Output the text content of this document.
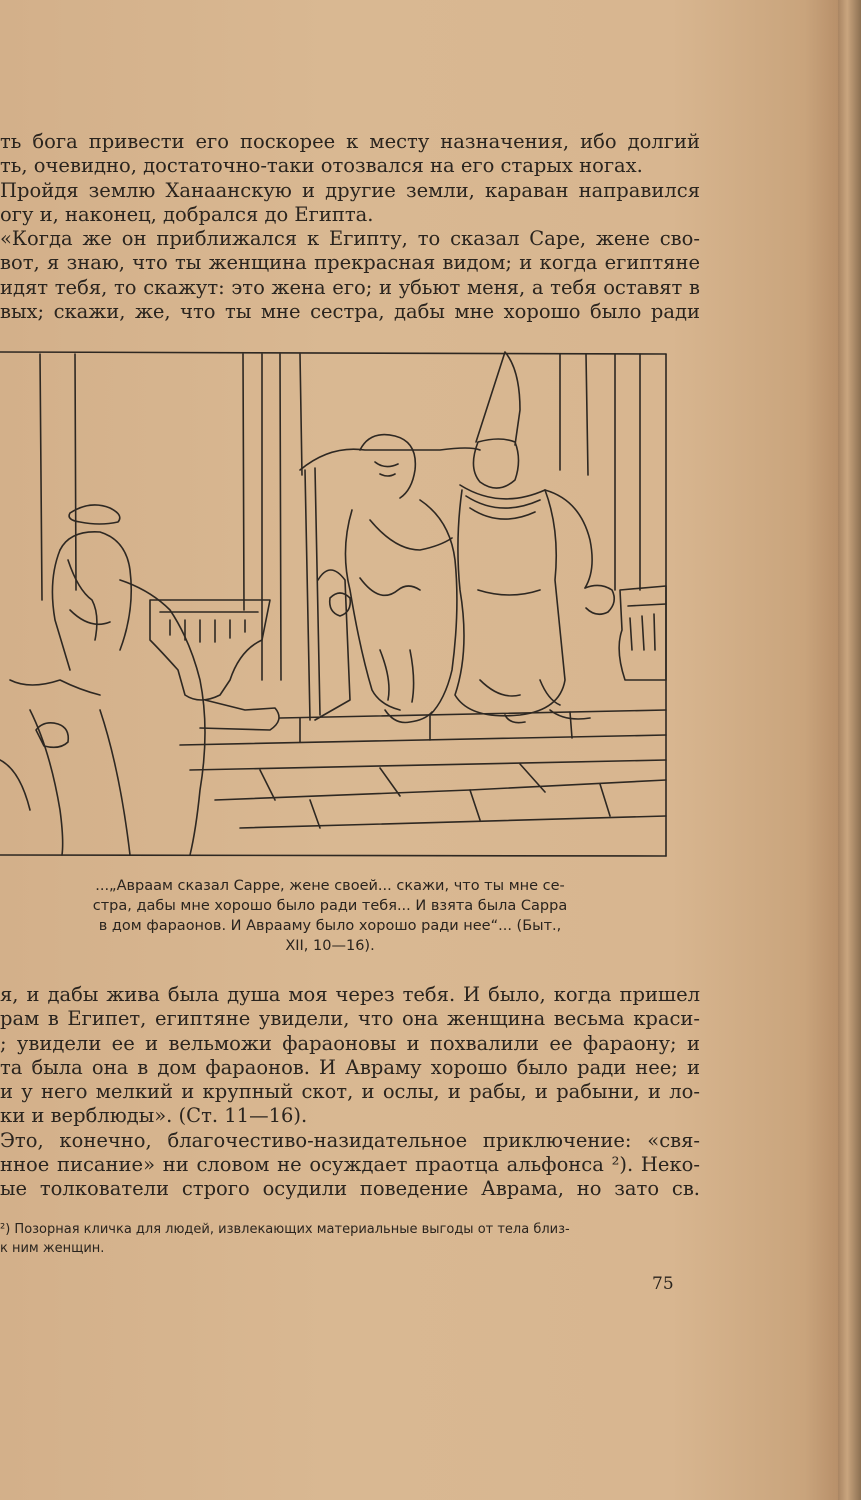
ть бога привести его поскорее к месту назначения, ибо долгий
ть, очевидно, достаточно-таки отозвался на его старых ногах.
Пройдя землю Ханаанскую и другие земли, караван направился
огу и, наконец, добрался до Египта.
«Когда же он приближался к Египту, то сказал Саре, жене сво-
вот, я знаю, что ты женщина прекрасная видом; и когда египтяне
идят тебя, то скажут: это жена его; и убьют меня, а тебя оставят в
вых; скажи, же, что ты мне сестра, дабы мне хорошо было ради
...„Авраам сказал Сарре, жене своей... скажи, что ты мне се-
стра, дабы мне хорошо было ради тебя... И взята была Сарра
в дом фараонов. И Аврааму было хорошо ради нее“... (Быт.,
XII, 10—16).
я, и дабы жива была душа моя через тебя. И было, когда пришел
рам в Египет, египтяне увидели, что она женщина весьма краси-
; увидели ее и вельможи фараоновы и похвалили ее фараону; и
та была она в дом фараонов. И Авраму хорошо было ради нее; и
и у него мелкий и крупный скот, и ослы, и рабы, и рабыни, и ло-
ки и верблюды». (Ст. 11—16).
Это, конечно, благочестиво-назидательное приключение: «свя-
нное писание» ни словом не осуждает праотца альфонса ²). Неко-
ые толкователи строго осудили поведение Аврама, но зато св.
²) Позорная кличка для людей, извлекающих материальные выгоды от тела близ-
к ним женщин.
75
